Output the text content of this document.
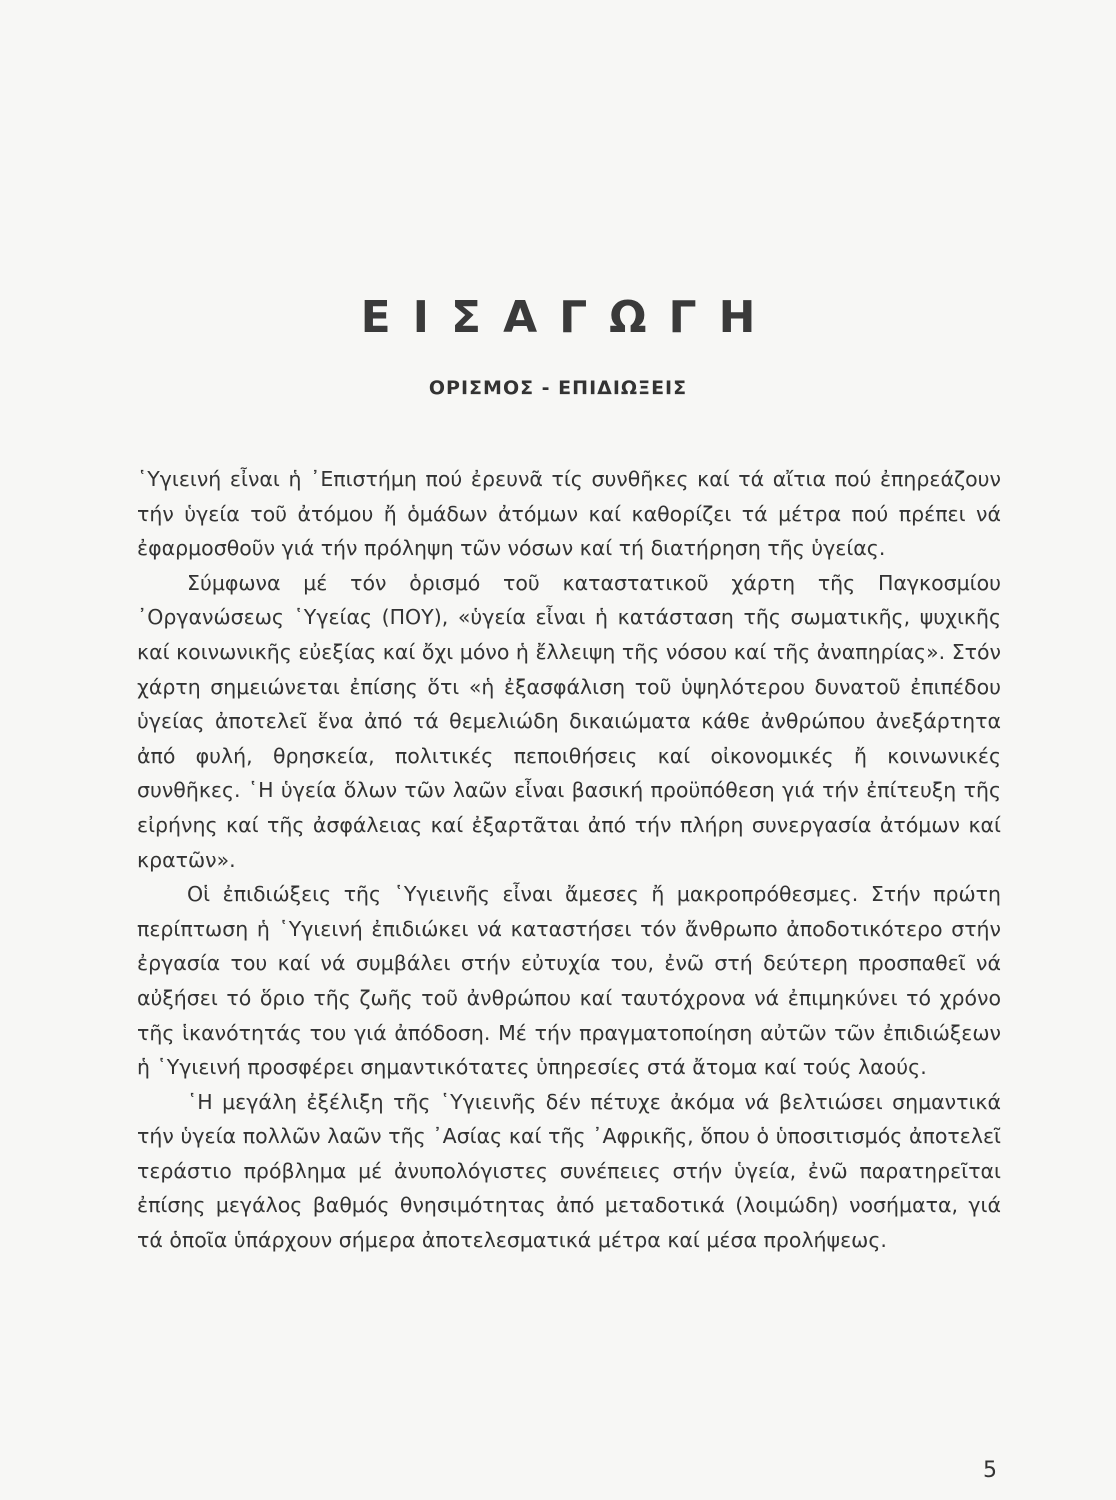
ΕΙΣΑΓΩΓΗ
ΟΡΙΣΜΟΣ - ΕΠΙΔΙΩΞΕΙΣ

῾Υγιεινή εἶναι ἡ ᾿Επιστήμη πού ἐρευνᾶ τίς συνθῆκες καί τά αἴτια πού ἐπηρεάζουν τήν ὑγεία τοῦ ἀτόμου ἤ ὁμάδων ἀτόμων καί καθορίζει τά μέτρα πού πρέπει νά ἐφαρμοσθοῦν γιά τήν πρόληψη τῶν νόσων καί τή διατήρηση τῆς ὑγείας.

Σύμφωνα μέ τόν ὁρισμό τοῦ καταστατικοῦ χάρτη τῆς Παγκοσμίου ᾿Οργανώσεως ῾Υγείας (ΠΟΥ), «ὑγεία εἶναι ἡ κατάσταση τῆς σωματικῆς, ψυχικῆς καί κοινωνικῆς εὐεξίας καί ὄχι μόνο ἡ ἔλλειψη τῆς νόσου καί τῆς ἀναπηρίας». Στόν χάρτη σημειώνεται ἐπίσης ὅτι «ἡ ἐξασφάλιση τοῦ ὑψηλότερου δυνατοῦ ἐπιπέδου ὑγείας ἀποτελεῖ ἕνα ἀπό τά θεμελιώδη δικαιώματα κάθε ἀνθρώπου ἀνεξάρτητα ἀπό φυλή, θρησκεία, πολιτικές πεποιθήσεις καί οἰκονομικές ἤ κοινωνικές συνθῆκες. ῾Η ὑγεία ὅλων τῶν λαῶν εἶναι βασική προϋπόθεση γιά τήν ἐπίτευξη τῆς εἰρήνης καί τῆς ἀσφάλειας καί ἐξαρτᾶται ἀπό τήν πλήρη συνεργασία ἀτόμων καί κρατῶν».

Οἱ ἐπιδιώξεις τῆς ῾Υγιεινῆς εἶναι ἄμεσες ἤ μακροπρόθεσμες. Στήν πρώτη περίπτωση ἡ ῾Υγιεινή ἐπιδιώκει νά καταστήσει τόν ἄνθρωπο ἀποδοτικότερο στήν ἐργασία του καί νά συμβάλει στήν εὐτυχία του, ἐνῶ στή δεύτερη προσπαθεῖ νά αὐξήσει τό ὅριο τῆς ζωῆς τοῦ ἀνθρώπου καί ταυτόχρονα νά ἐπιμηκύνει τό χρόνο τῆς ἱκανότητάς του γιά ἀπόδοση. Μέ τήν πραγματοποίηση αὐτῶν τῶν ἐπιδιώξεων ἡ ῾Υγιεινή προσφέρει σημαντικότατες ὑπηρεσίες στά ἄτομα καί τούς λαούς.

῾Η μεγάλη ἐξέλιξη τῆς ῾Υγιεινῆς δέν πέτυχε ἀκόμα νά βελτιώσει σημαντικά τήν ὑγεία πολλῶν λαῶν τῆς ᾿Ασίας καί τῆς ᾿Αφρικῆς, ὅπου ὁ ὑποσιτισμός ἀποτελεῖ τεράστιο πρόβλημα μέ ἀνυπολόγιστες συνέπειες στήν ὑγεία, ἐνῶ παρατηρεῖται ἐπίσης μεγάλος βαθμός θνησιμότητας ἀπό μεταδοτικά (λοιμώδη) νοσήματα, γιά τά ὁποῖα ὑπάρχουν σήμερα ἀποτελεσματικά μέτρα καί μέσα προλήψεως.

5
